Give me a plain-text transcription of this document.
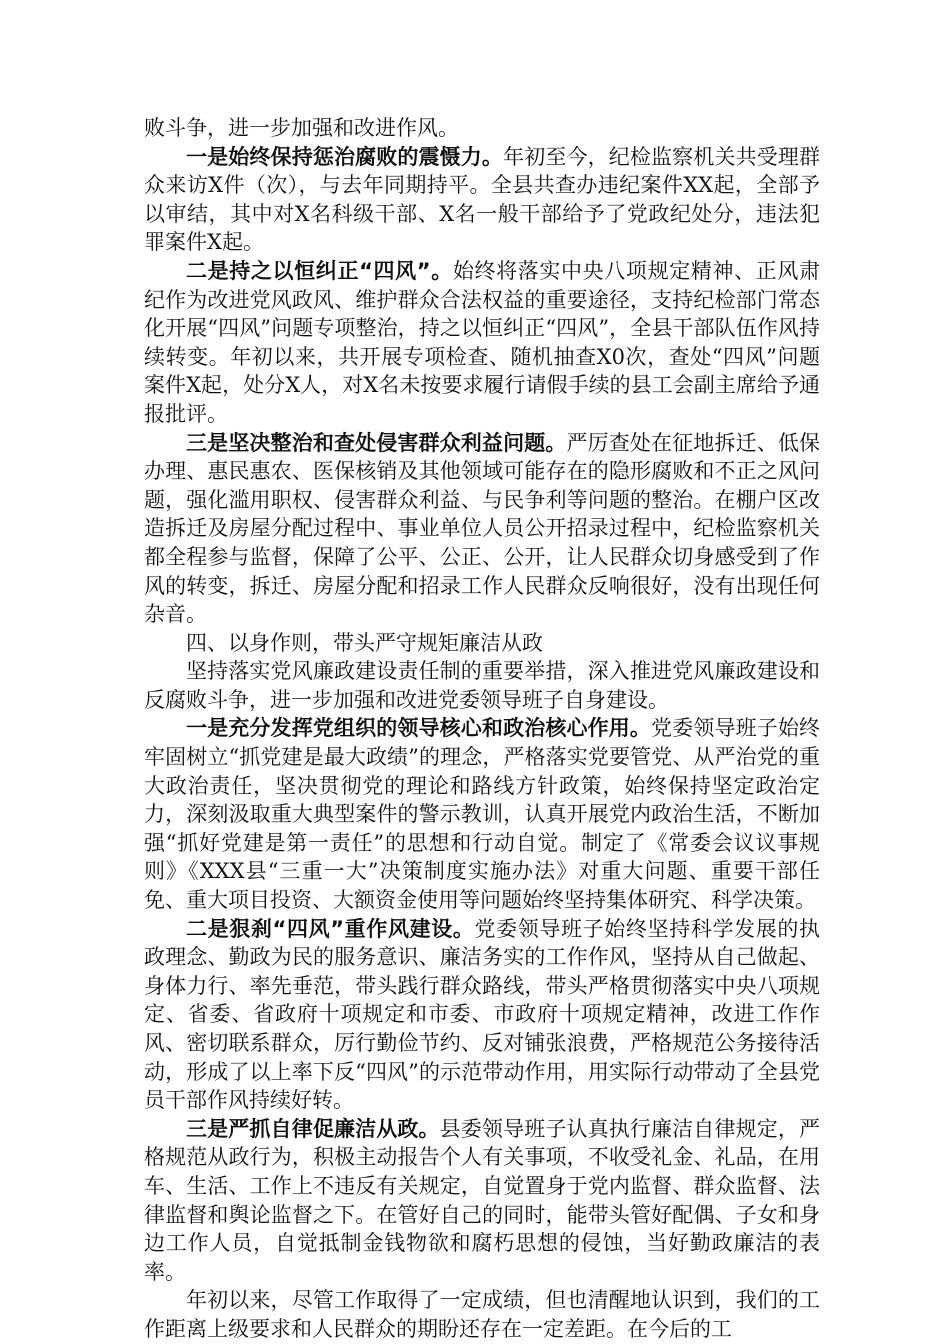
败斗争，进一步加强和改进作风。

一是始终保持惩治腐败的震慑力。年初至今，纪检监察机关共受理群众来访X件（次），与去年同期持平。全县共查办违纪案件XX起，全部予以审结，其中对X名科级干部、X名一般干部给予了党政纪处分，违法犯罪案件X起。

二是持之以恒纠正“四风”。始终将落实中央八项规定精神、正风肃纪作为改进党风政风、维护群众合法权益的重要途径，支持纪检部门常态化开展“四风”问题专项整治，持之以恒纠正“四风”，全县干部队伍作风持续转变。年初以来，共开展专项检查、随机抽查X0次，查处“四风”问题案件X起，处分X人，对X名未按要求履行请假手续的县工会副主席给予通报批评。

三是坚决整治和查处侵害群众利益问题。严厉查处在征地拆迁、低保办理、惠民惠农、医保核销及其他领域可能存在的隐形腐败和不正之风问题，强化滥用职权、侵害群众利益、与民争利等问题的整治。在棚户区改造拆迁及房屋分配过程中、事业单位人员公开招录过程中，纪检监察机关都全程参与监督，保障了公平、公正、公开，让人民群众切身感受到了作风的转变，拆迁、房屋分配和招录工作人民群众反响很好，没有出现任何杂音。

四、以身作则，带头严守规矩廉洁从政

坚持落实党风廉政建设责任制的重要举措，深入推进党风廉政建设和反腐败斗争，进一步加强和改进党委领导班子自身建设。

一是充分发挥党组织的领导核心和政治核心作用。党委领导班子始终牢固树立“抓党建是最大政绩”的理念，严格落实党要管党、从严治党的重大政治责任，坚决贯彻党的理论和路线方针政策，始终保持坚定政治定力，深刻汲取重大典型案件的警示教训，认真开展党内政治生活，不断加强“抓好党建是第一责任”的思想和行动自觉。制定了《常委会议议事规则》《XXX县“三重一大”决策制度实施办法》对重大问题、重要干部任免、重大项目投资、大额资金使用等问题始终坚持集体研究、科学决策。

二是狠刹“四风”重作风建设。党委领导班子始终坚持科学发展的执政理念、勤政为民的服务意识、廉洁务实的工作作风，坚持从自己做起、身体力行、率先垂范，带头践行群众路线，带头严格贯彻落实中央八项规定、省委、省政府十项规定和市委、市政府十项规定精神，改进工作作风、密切联系群众，厉行勤俭节约、反对铺张浪费，严格规范公务接待活动，形成了以上率下反“四风”的示范带动作用，用实际行动带动了全县党员干部作风持续好转。

三是严抓自律促廉洁从政。县委领导班子认真执行廉洁自律规定，严格规范从政行为，积极主动报告个人有关事项，不收受礼金、礼品，在用车、生活、工作上不违反有关规定，自觉置身于党内监督、群众监督、法律监督和舆论监督之下。在管好自己的同时，能带头管好配偶、子女和身边工作人员，自觉抵制金钱物欲和腐朽思想的侵蚀，当好勤政廉洁的表率。

年初以来，尽管工作取得了一定成绩，但也清醒地认识到，我们的工作距离上级要求和人民群众的期盼还存在一定差距。在今后的工
